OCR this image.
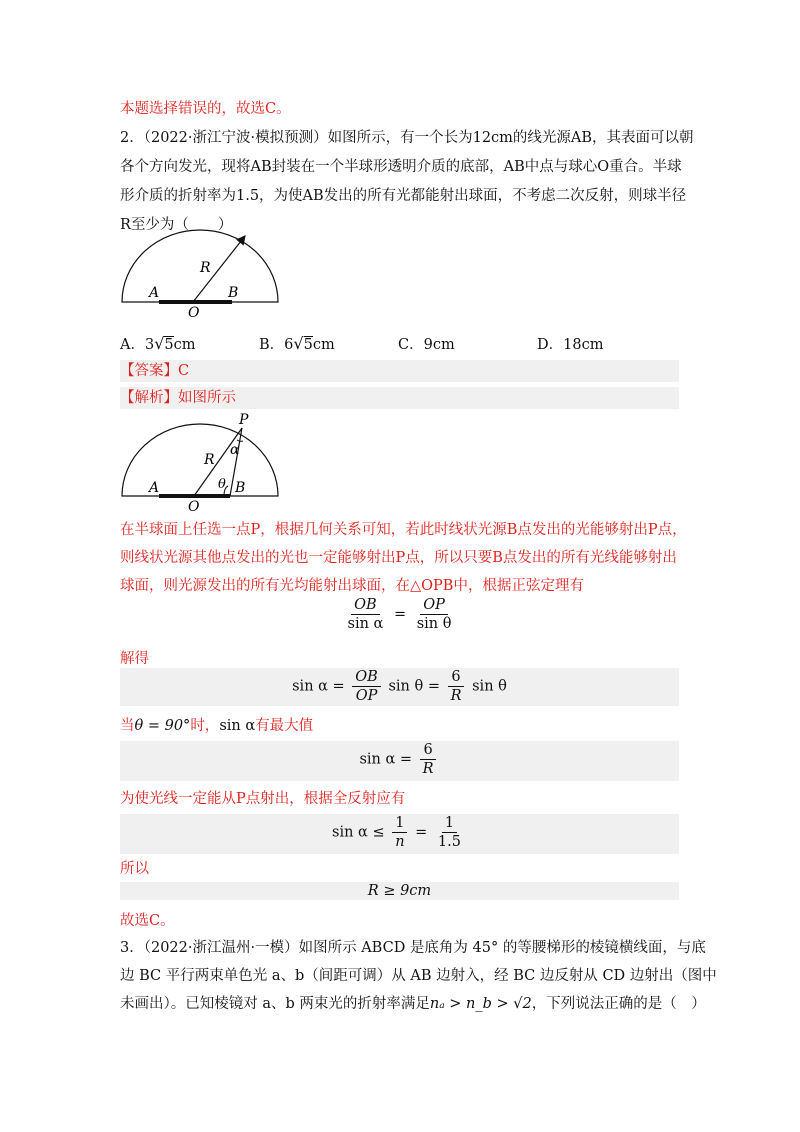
本题选择错误的，故选C。
2．（2022·浙江宁波·模拟预测）如图所示，有一个长为12cm的线光源AB，其表面可以朝
各个方向发光，现将AB封装在一个半球形透明介质的底部，AB中点与球心O重合。半球
形介质的折射率为1.5，为使AB发出的所有光都能射出球面，不考虑二次反射，则球半径
R至少为（　　）
R
A	B
O
A．3√5cm	B．6√5cm	C．9cm	D．18cm
【答案】C
【解析】如图所示
P
α
R
θ
A	B
O
在半球面上任选一点P，根据几何关系可知，若此时线状光源B点发出的光能够射出P点，
则线状光源其他点发出的光也一定能够射出P点，所以只要B点发出的所有光线能够射出
球面，则光源发出的所有光均能射出球面，在△OPB中，根据正弦定理有
$\frac{OB}{\text{sin α}} = \frac{OP}{\text{sin θ}}$
解得
$\sin \alpha = \frac{OB}{OP}$ $\sin \theta = \frac{6}{R}$ sin θ
当θ = 90°时，sin α有最大值
$\sin \alpha = \frac{6}{R}$
为使光线一定能从P点射出，根据全反射应有
$\sin \alpha \le \frac{1}{n} = \frac{1}{1.5}$
所以
R ≥ 9cm
故选C。
3．（2022·浙江温州·一模）如图所示 ABCD 是底角为 45° 的等腰梯形的棱镜横线面，与底
边 BC 平行两束单色光 a、b（间距可调）从 AB 边射入，经 BC 边反射从 CD 边射出（图中
未画出）。已知棱镜对 a、b 两束光的折射率满足nₐ > n_b > √2，下列说法正确的是（　）
